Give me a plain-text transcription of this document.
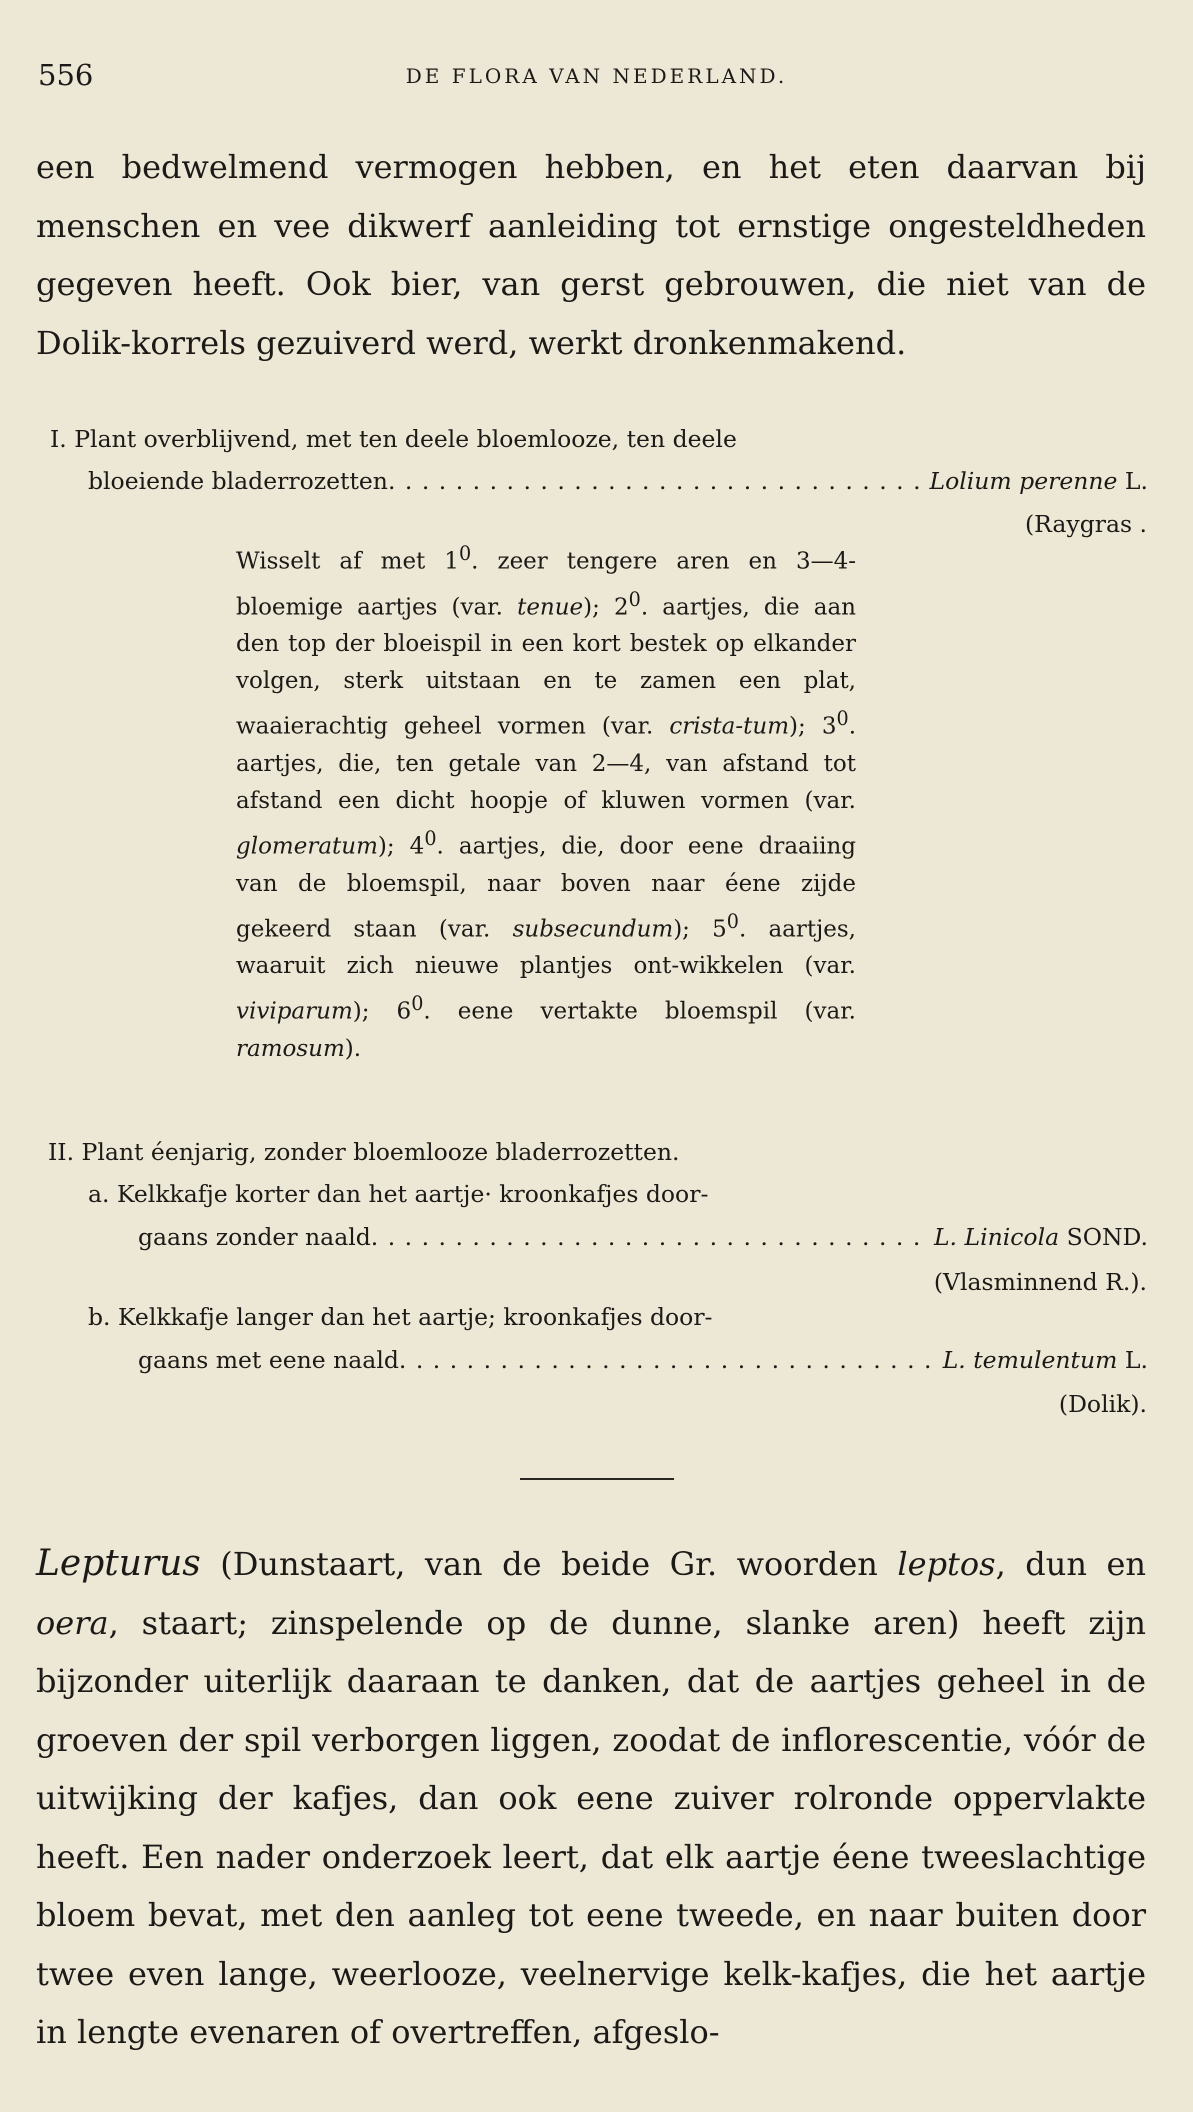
556	DE FLORA VAN NEDERLAND.
een bedwelmend vermogen hebben, en het eten daarvan bij menschen en vee dikwerf aanleiding tot ernstige ongesteldheden gegeven heeft. Ook bier, van gerst gebrouwen, die niet van de Dolik-korrels gezuiverd werd, werkt dronkenmakend.
I. Plant overblijvend, met ten deele bloemlooze, ten deele
bloeiende bladerrozetten . . .	Lolium perenne L.
(Raygras .
Wisselt af met $1^0$. zeer tengere aren en 3—4-bloemige aartjes (var. tenue); $2^0$. aartjes, die aan den top der bloeispil in een kort bestek op elkander volgen, sterk uitstaan en te zamen een plat, waaierachtig geheel vormen (var. crista-tum); $3^0$. aartjes, die, ten getale van 2—4, van afstand tot afstand een dicht hoopje of kluwen vormen (var. glomeratum); $4^0$. aartjes, die, door eene draaiing van de bloemspil, naar boven naar éene zijde gekeerd staan (var. subsecundum); $5^0$. aartjes, waaruit zich nieuwe plantjes ont-wikkelen (var. viviparum); $6^0$. eene vertakte bloemspil (var. ramosum).
II. Plant éenjarig, zonder bloemlooze bladerrozetten.
a. Kelkkafje korter dan het aartje· kroonkafjes door-
gaans zonder naald . . .	L. Linicola SOND.
(Vlasminnend R.).
b. Kelkkafje langer dan het aartje; kroonkafjes door-
gaans met eene naald . . .	L. temulentum L.
(Dolik).
Lepturus (Dunstaart, van de beide Gr. woorden leptos, dun en oera, staart; zinspelende op de dunne, slanke aren) heeft zijn bijzonder uiterlijk daaraan te danken, dat de aartjes geheel in de groeven der spil verborgen liggen, zoodat de inflorescentie, vóór de uitwijking der kafjes, dan ook eene zuiver rolronde oppervlakte heeft. Een nader onderzoek leert, dat elk aartje éene tweeslachtige bloem bevat, met den aanleg tot eene tweede, en naar buiten door twee even lange, weerlooze, veelnervige kelk-kafjes, die het aartje in lengte evenaren of overtreffen, afgeslo-
